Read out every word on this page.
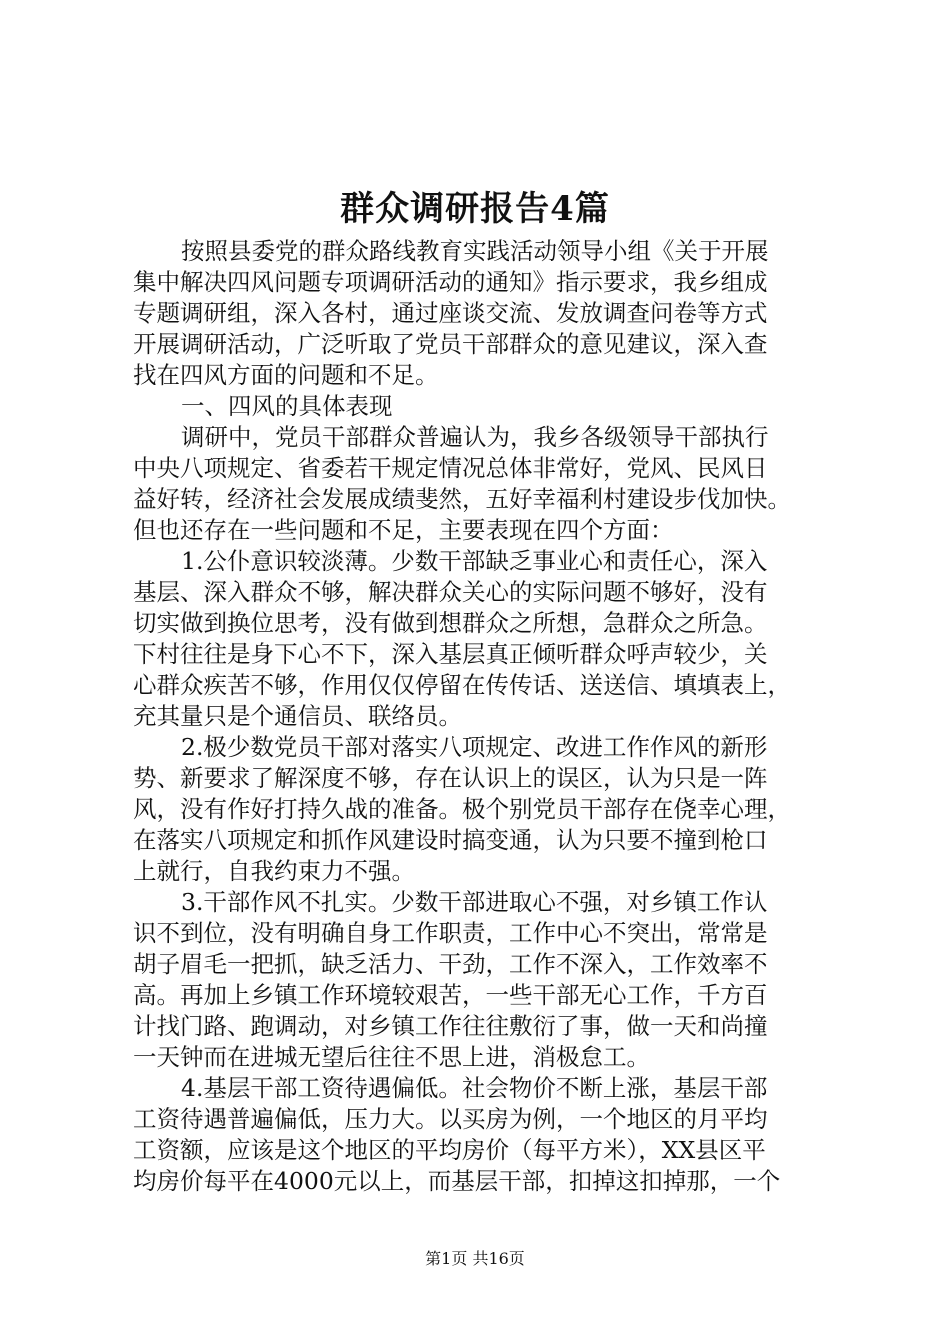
群众调研报告4篇
按照县委党的群众路线教育实践活动领导小组《关于开展
集中解决四风问题专项调研活动的通知》指示要求，我乡组成
专题调研组，深入各村，通过座谈交流、发放调查问卷等方式
开展调研活动，广泛听取了党员干部群众的意见建议，深入查
找在四风方面的问题和不足。
一、四风的具体表现
调研中，党员干部群众普遍认为，我乡各级领导干部执行
中央八项规定、省委若干规定情况总体非常好，党风、民风日
益好转，经济社会发展成绩斐然，五好幸福利村建设步伐加快。
但也还存在一些问题和不足，主要表现在四个方面：
1.公仆意识较淡薄。少数干部缺乏事业心和责任心，深入
基层、深入群众不够，解决群众关心的实际问题不够好，没有
切实做到换位思考，没有做到想群众之所想，急群众之所急。
下村往往是身下心不下，深入基层真正倾听群众呼声较少，关
心群众疾苦不够，作用仅仅停留在传传话、送送信、填填表上，
充其量只是个通信员、联络员。
2.极少数党员干部对落实八项规定、改进工作作风的新形
势、新要求了解深度不够，存在认识上的误区，认为只是一阵
风，没有作好打持久战的准备。极个别党员干部存在侥幸心理，
在落实八项规定和抓作风建设时搞变通，认为只要不撞到枪口
上就行，自我约束力不强。
3.干部作风不扎实。少数干部进取心不强，对乡镇工作认
识不到位，没有明确自身工作职责，工作中心不突出，常常是
胡子眉毛一把抓，缺乏活力、干劲，工作不深入，工作效率不
高。再加上乡镇工作环境较艰苦，一些干部无心工作，千方百
计找门路、跑调动，对乡镇工作往往敷衍了事，做一天和尚撞
一天钟而在进城无望后往往不思上进，消极怠工。
4.基层干部工资待遇偏低。社会物价不断上涨，基层干部
工资待遇普遍偏低，压力大。以买房为例，一个地区的月平均
工资额，应该是这个地区的平均房价（每平方米），XX县区平
均房价每平在4000元以上，而基层干部，扣掉这扣掉那，一个
第1页 共16页
